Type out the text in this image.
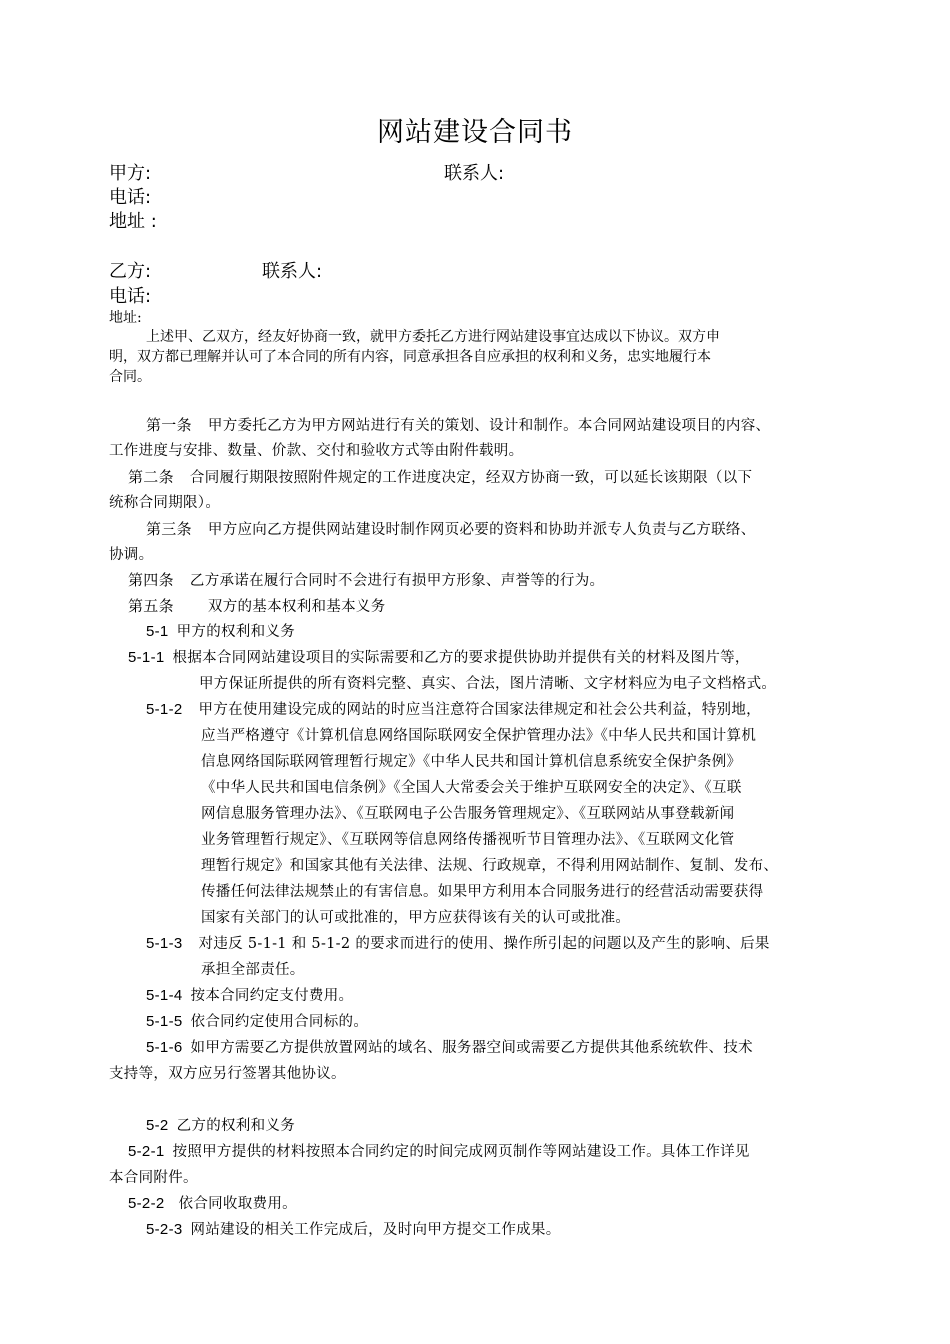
网站建设合同书
甲方:	联系人:
电话:
地址 :
乙方:	联系人:
电话:
地址:
上述甲、乙双方，经友好协商一致，就甲方委托乙方进行网站建设事宜达成以下协议。双方申
明，双方都已理解并认可了本合同的所有内容，同意承担各自应承担的权利和义务，忠实地履行本
合同。
第一条 甲方委托乙方为甲方网站进行有关的策划、设计和制作。本合同网站建设项目的内容、
工作进度与安排、数量、价款、交付和验收方式等由附件载明。
第二条 合同履行期限按照附件规定的工作进度决定，经双方协商一致，可以延长该期限（以下
统称合同期限）。
第三条 甲方应向乙方提供网站建设时制作网页必要的资料和协助并派专人负责与乙方联络、
协调。
第四条 乙方承诺在履行合同时不会进行有损甲方形象、声誉等的行为。
第五条 双方的基本权利和基本义务
5-1 甲方的权利和义务
5-1-1 根据本合同网站建设项目的实际需要和乙方的要求提供协助并提供有关的材料及图片等，
甲方保证所提供的所有资料完整、真实、合法，图片清晰、文字材料应为电子文档格式。
5-1-2 甲方在使用建设完成的网站的时应当注意符合国家法律规定和社会公共利益，特别地，
应当严格遵守《计算机信息网络国际联网安全保护管理办法》《中华人民共和国计算机
信息网络国际联网管理暂行规定》《中华人民共和国计算机信息系统安全保护条例》
《中华人民共和国电信条例》《全国人大常委会关于维护互联网安全的决定》、《互联
网信息服务管理办法》、《互联网电子公告服务管理规定》、《互联网站从事登载新闻
业务管理暂行规定》、《互联网等信息网络传播视听节目管理办法》、《互联网文化管
理暂行规定》和国家其他有关法律、法规、行政规章，不得利用网站制作、复制、发布、
传播任何法律法规禁止的有害信息。如果甲方利用本合同服务进行的经营活动需要获得
国家有关部门的认可或批准的，甲方应获得该有关的认可或批准。
5-1-3 对违反 5-1-1 和 5-1-2 的要求而进行的使用、操作所引起的问题以及产生的影响、后果
承担全部责任。
5-1-4 按本合同约定支付费用。
5-1-5 依合同约定使用合同标的。
5-1-6 如甲方需要乙方提供放置网站的域名、服务器空间或需要乙方提供其他系统软件、技术
支持等，双方应另行签署其他协议。
5-2 乙方的权利和义务
5-2-1 按照甲方提供的材料按照本合同约定的时间完成网页制作等网站建设工作。具体工作详见
本合同附件。
5-2-2 依合同收取费用。
5-2-3 网站建设的相关工作完成后，及时向甲方提交工作成果。
